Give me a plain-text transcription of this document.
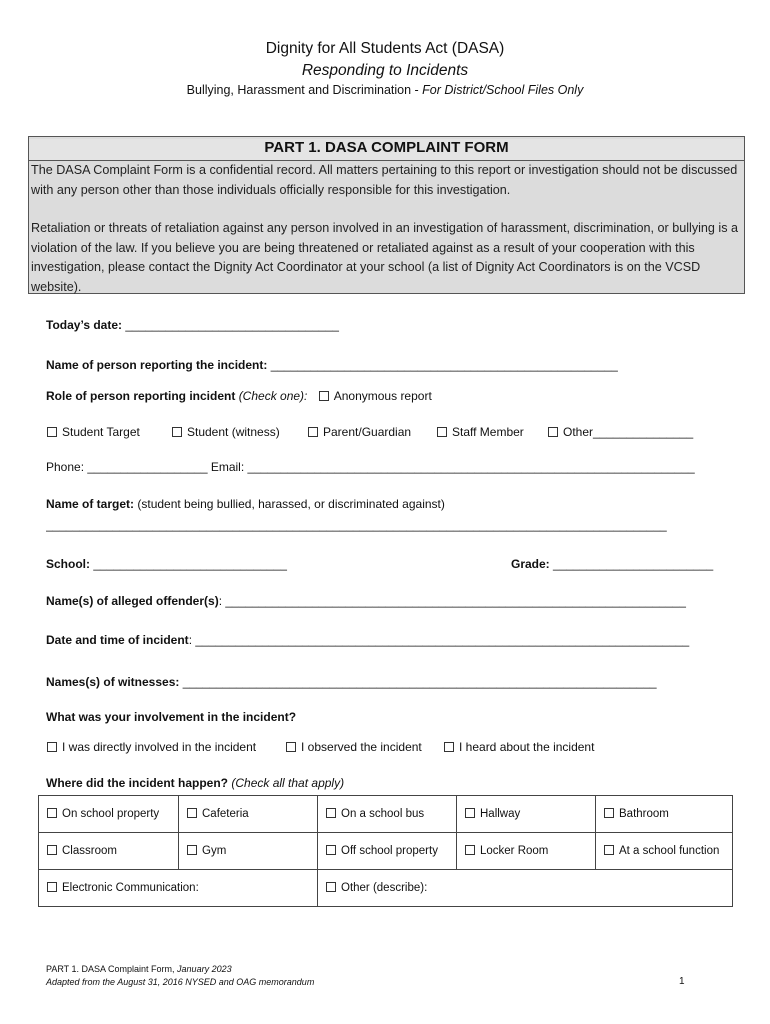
Dignity for All Students Act (DASA)
Responding to Incidents
Bullying, Harassment and Discrimination - For District/School Files Only
PART 1. DASA COMPLAINT FORM
The DASA Complaint Form is a confidential record. All matters pertaining to this report or investigation should not be discussed with any person other than those individuals officially responsible for this investigation.
Retaliation or threats of retaliation against any person involved in an investigation of harassment, discrimination, or bullying is a violation of the law. If you believe you are being threatened or retaliated against as a result of your cooperation with this investigation, please contact the Dignity Act Coordinator at your school (a list of Dignity Act Coordinators is on the VCSD website).
Today’s date: ________________________________
Name of person reporting the incident: ____________________________________________________
Role of person reporting incident (Check one): Anonymous report
Student Target	Student (witness)	Parent/Guardian	Staff Member	Other_______________
Phone: __________________ Email: ___________________________________________________________________
Name of target: (student being bullied, harassed, or discriminated against)
_____________________________________________________________________________________________
School: _____________________________	Grade: ________________________
Name(s) of alleged offender(s): _____________________________________________________________________
Date and time of incident: __________________________________________________________________________
Names(s) of witnesses: _______________________________________________________________________
What was your involvement in the incident?
I was directly involved in the incident	I observed the incident	I heard about the incident
Where did the incident happen? (Check all that apply)
On school property	Cafeteria	On a school bus	Hallway	Bathroom
Classroom	Gym	Off school property	Locker Room	At a school function
Electronic Communication:		Other (describe):		
PART 1. DASA Complaint Form, January 2023
Adapted from the August 31, 2016 NYSED and OAG memorandum	1
